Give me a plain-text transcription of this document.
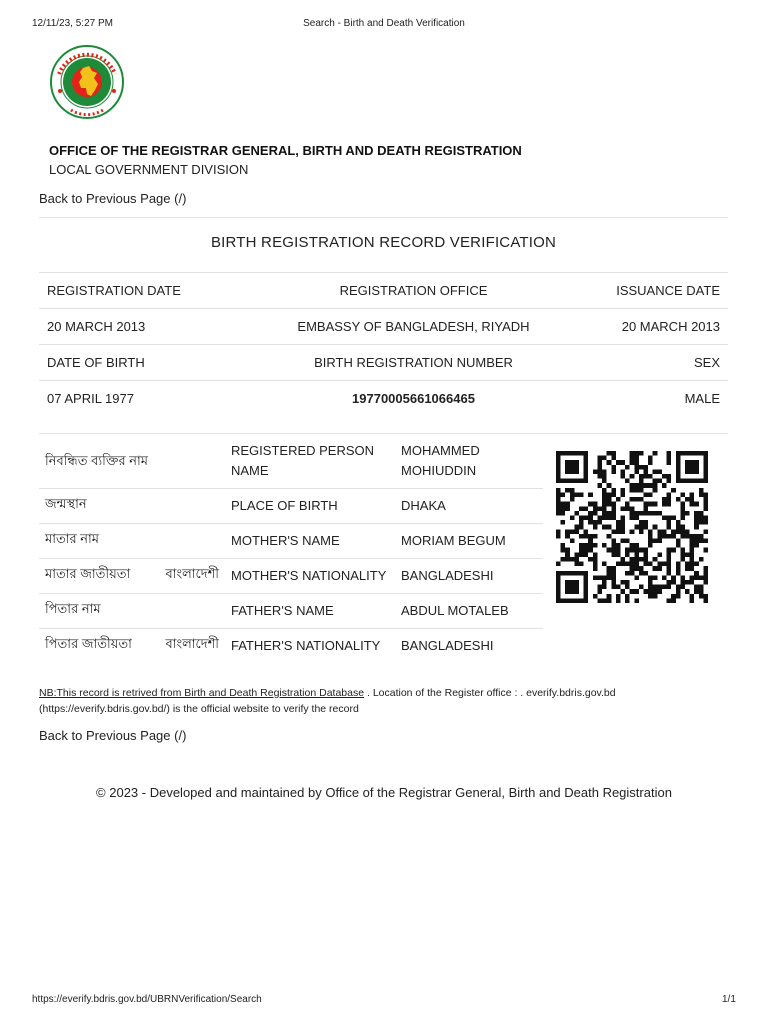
12/11/23, 5:27 PM	Search - Birth and Death Verification
OFFICE OF THE REGISTRAR GENERAL, BIRTH AND DEATH REGISTRATION
LOCAL GOVERNMENT DIVISION
Back to Previous Page (/)
BIRTH REGISTRATION RECORD VERIFICATION
REGISTRATION DATE	REGISTRATION OFFICE	ISSUANCE DATE
20 MARCH 2013	EMBASSY OF BANGLADESH, RIYADH	20 MARCH 2013
DATE OF BIRTH	BIRTH REGISTRATION NUMBER	SEX
07 APRIL 1977	19770005661066465	MALE
নিবন্ধিত ব্যক্তির নাম	REGISTERED PERSON NAME	MOHAMMED MOHIUDDIN

জন্মস্থান	PLACE OF BIRTH	DHAKA
মাতার নাম	MOTHER'S NAME	MORIAM BEGUM

মাতার জাতীয়তা বাংলাদেশী	MOTHER'S NATIONALITY	BANGLADESHI
পিতার নাম	FATHER'S NAME	ABDUL MOTALEB

পিতার জাতীয়তা বাংলাদেশী	FATHER'S NATIONALITY	BANGLADESHI
NB:This record is retrived from Birth and Death Registration Database . Location of the Register office : . everify.bdris.gov.bd (https://everify.bdris.gov.bd/) is the official website to verify the record
Back to Previous Page (/)
© 2023 - Developed and maintained by Office of the Registrar General, Birth and Death Registration
https://everify.bdris.gov.bd/UBRNVerification/Search	1/1
